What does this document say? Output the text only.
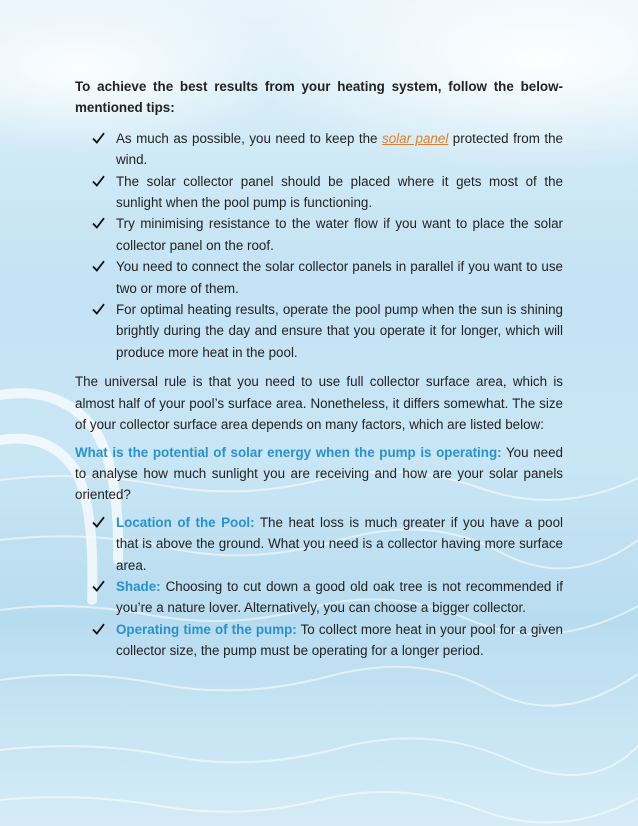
To achieve the best results from your heating system, follow the below-mentioned tips:

As much as possible, you need to keep the solar panel protected from the wind.
The solar collector panel should be placed where it gets most of the sunlight when the pool pump is functioning.
Try minimising resistance to the water flow if you want to place the solar collector panel on the roof.
You need to connect the solar collector panels in parallel if you want to use two or more of them.
For optimal heating results, operate the pool pump when the sun is shining brightly during the day and ensure that you operate it for longer, which will produce more heat in the pool.

The universal rule is that you need to use full collector surface area, which is almost half of your pool’s surface area. Nonetheless, it differs somewhat. The size of your collector surface area depends on many factors, which are listed below:

What is the potential of solar energy when the pump is operating: You need to analyse how much sunlight you are receiving and how are your solar panels oriented?

Location of the Pool: The heat loss is much greater if you have a pool that is above the ground. What you need is a collector having more surface area.
Shade: Choosing to cut down a good old oak tree is not recommended if you’re a nature lover. Alternatively, you can choose a bigger collector.
Operating time of the pump: To collect more heat in your pool for a given collector size, the pump must be operating for a longer period.
